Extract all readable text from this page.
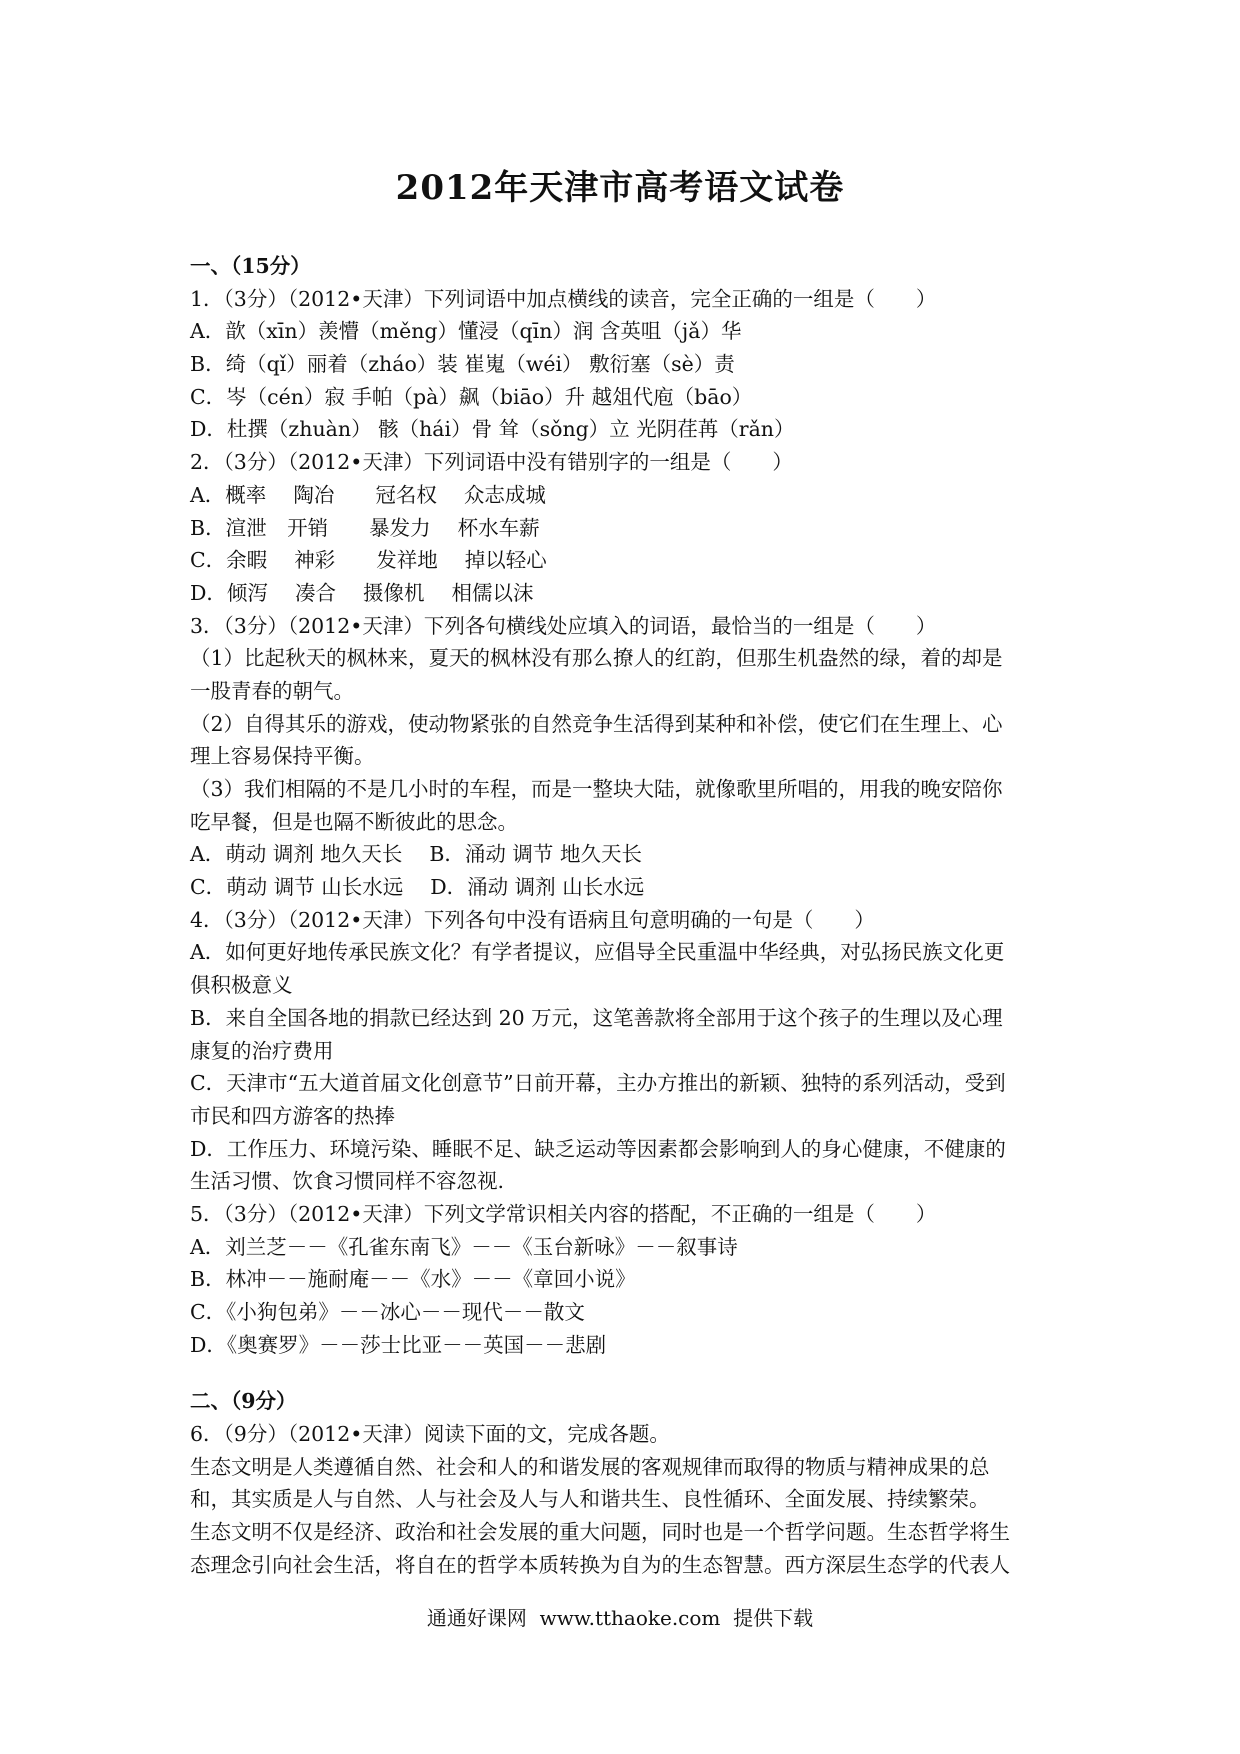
2012年天津市高考语文试卷
一、（15分）
1．（3分）（2012•天津）下列词语中加点横线的读音，完全正确的一组是（　　）
A．歆（xīn）羡懵（měng）懂浸（qīn）润 含英咀（jǎ）华
B．绮（qǐ）丽着（zháo）装 崔嵬（wéi） 敷衍塞（sè）责
C．岑（cén）寂 手帕（pà）飙（biāo）升 越俎代庖（bāo）
D．杜撰（zhuàn） 骸（hái）骨 耸（sǒng）立 光阴荏苒（rǎn）
2．（3分）（2012•天津）下列词语中没有错别字的一组是（　　）
A．概率　 陶冶　　冠名权　 众志成城
B．渲泄　开销　　暴发力　 杯水车薪
C．余暇　 神彩　　发祥地　 掉以轻心
D．倾泻　 凑合　 摄像机　 相儒以沫
3．（3分）（2012•天津）下列各句横线处应填入的词语，最恰当的一组是（　　）
（1）比起秋天的枫林来，夏天的枫林没有那么撩人的红韵，但那生机盎然的绿，着的却是
一股青春的朝气。
（2）自得其乐的游戏，使动物紧张的自然竞争生活得到某种和补偿，使它们在生理上、心
理上容易保持平衡。
（3）我们相隔的不是几小时的车程，而是一整块大陆，就像歌里所唱的，用我的晚安陪你
吃早餐，但是也隔不断彼此的思念。
A．萌动 调剂 地久天长　 B．涌动 调节 地久天长
C．萌动 调节 山长水远　 D．涌动 调剂 山长水远
4．（3分）（2012•天津）下列各句中没有语病且句意明确的一句是（　　）
A．如何更好地传承民族文化？有学者提议，应倡导全民重温中华经典，对弘扬民族文化更
俱积极意义
B．来自全国各地的捐款已经达到 20 万元，这笔善款将全部用于这个孩子的生理以及心理
康复的治疗费用
C．天津市“五大道首届文化创意节”日前开幕，主办方推出的新颖、独特的系列活动，受到
市民和四方游客的热捧
D．工作压力、环境污染、睡眠不足、缺乏运动等因素都会影响到人的身心健康，不健康的
生活习惯、饮食习惯同样不容忽视.
5．（3分）（2012•天津）下列文学常识相关内容的搭配，不正确的一组是（　　）
A．刘兰芝－－《孔雀东南飞》－－《玉台新咏》－－叙事诗
B．林冲－－施耐庵－－《水》－－《章回小说》
C．《小狗包弟》－－冰心－－现代－－散文
D．《奥赛罗》－－莎士比亚－－英国－－悲剧
二、（9分）
6．（9分）（2012•天津）阅读下面的文，完成各题。
生态文明是人类遵循自然、社会和人的和谐发展的客观规律而取得的物质与精神成果的总
和，其实质是人与自然、人与社会及人与人和谐共生、良性循环、全面发展、持续繁荣。
生态文明不仅是经济、政治和社会发展的重大问题，同时也是一个哲学问题。生态哲学将生
态理念引向社会生活，将自在的哲学本质转换为自为的生态智慧。西方深层生态学的代表人
通通好课网  www.tthaoke.com  提供下载
